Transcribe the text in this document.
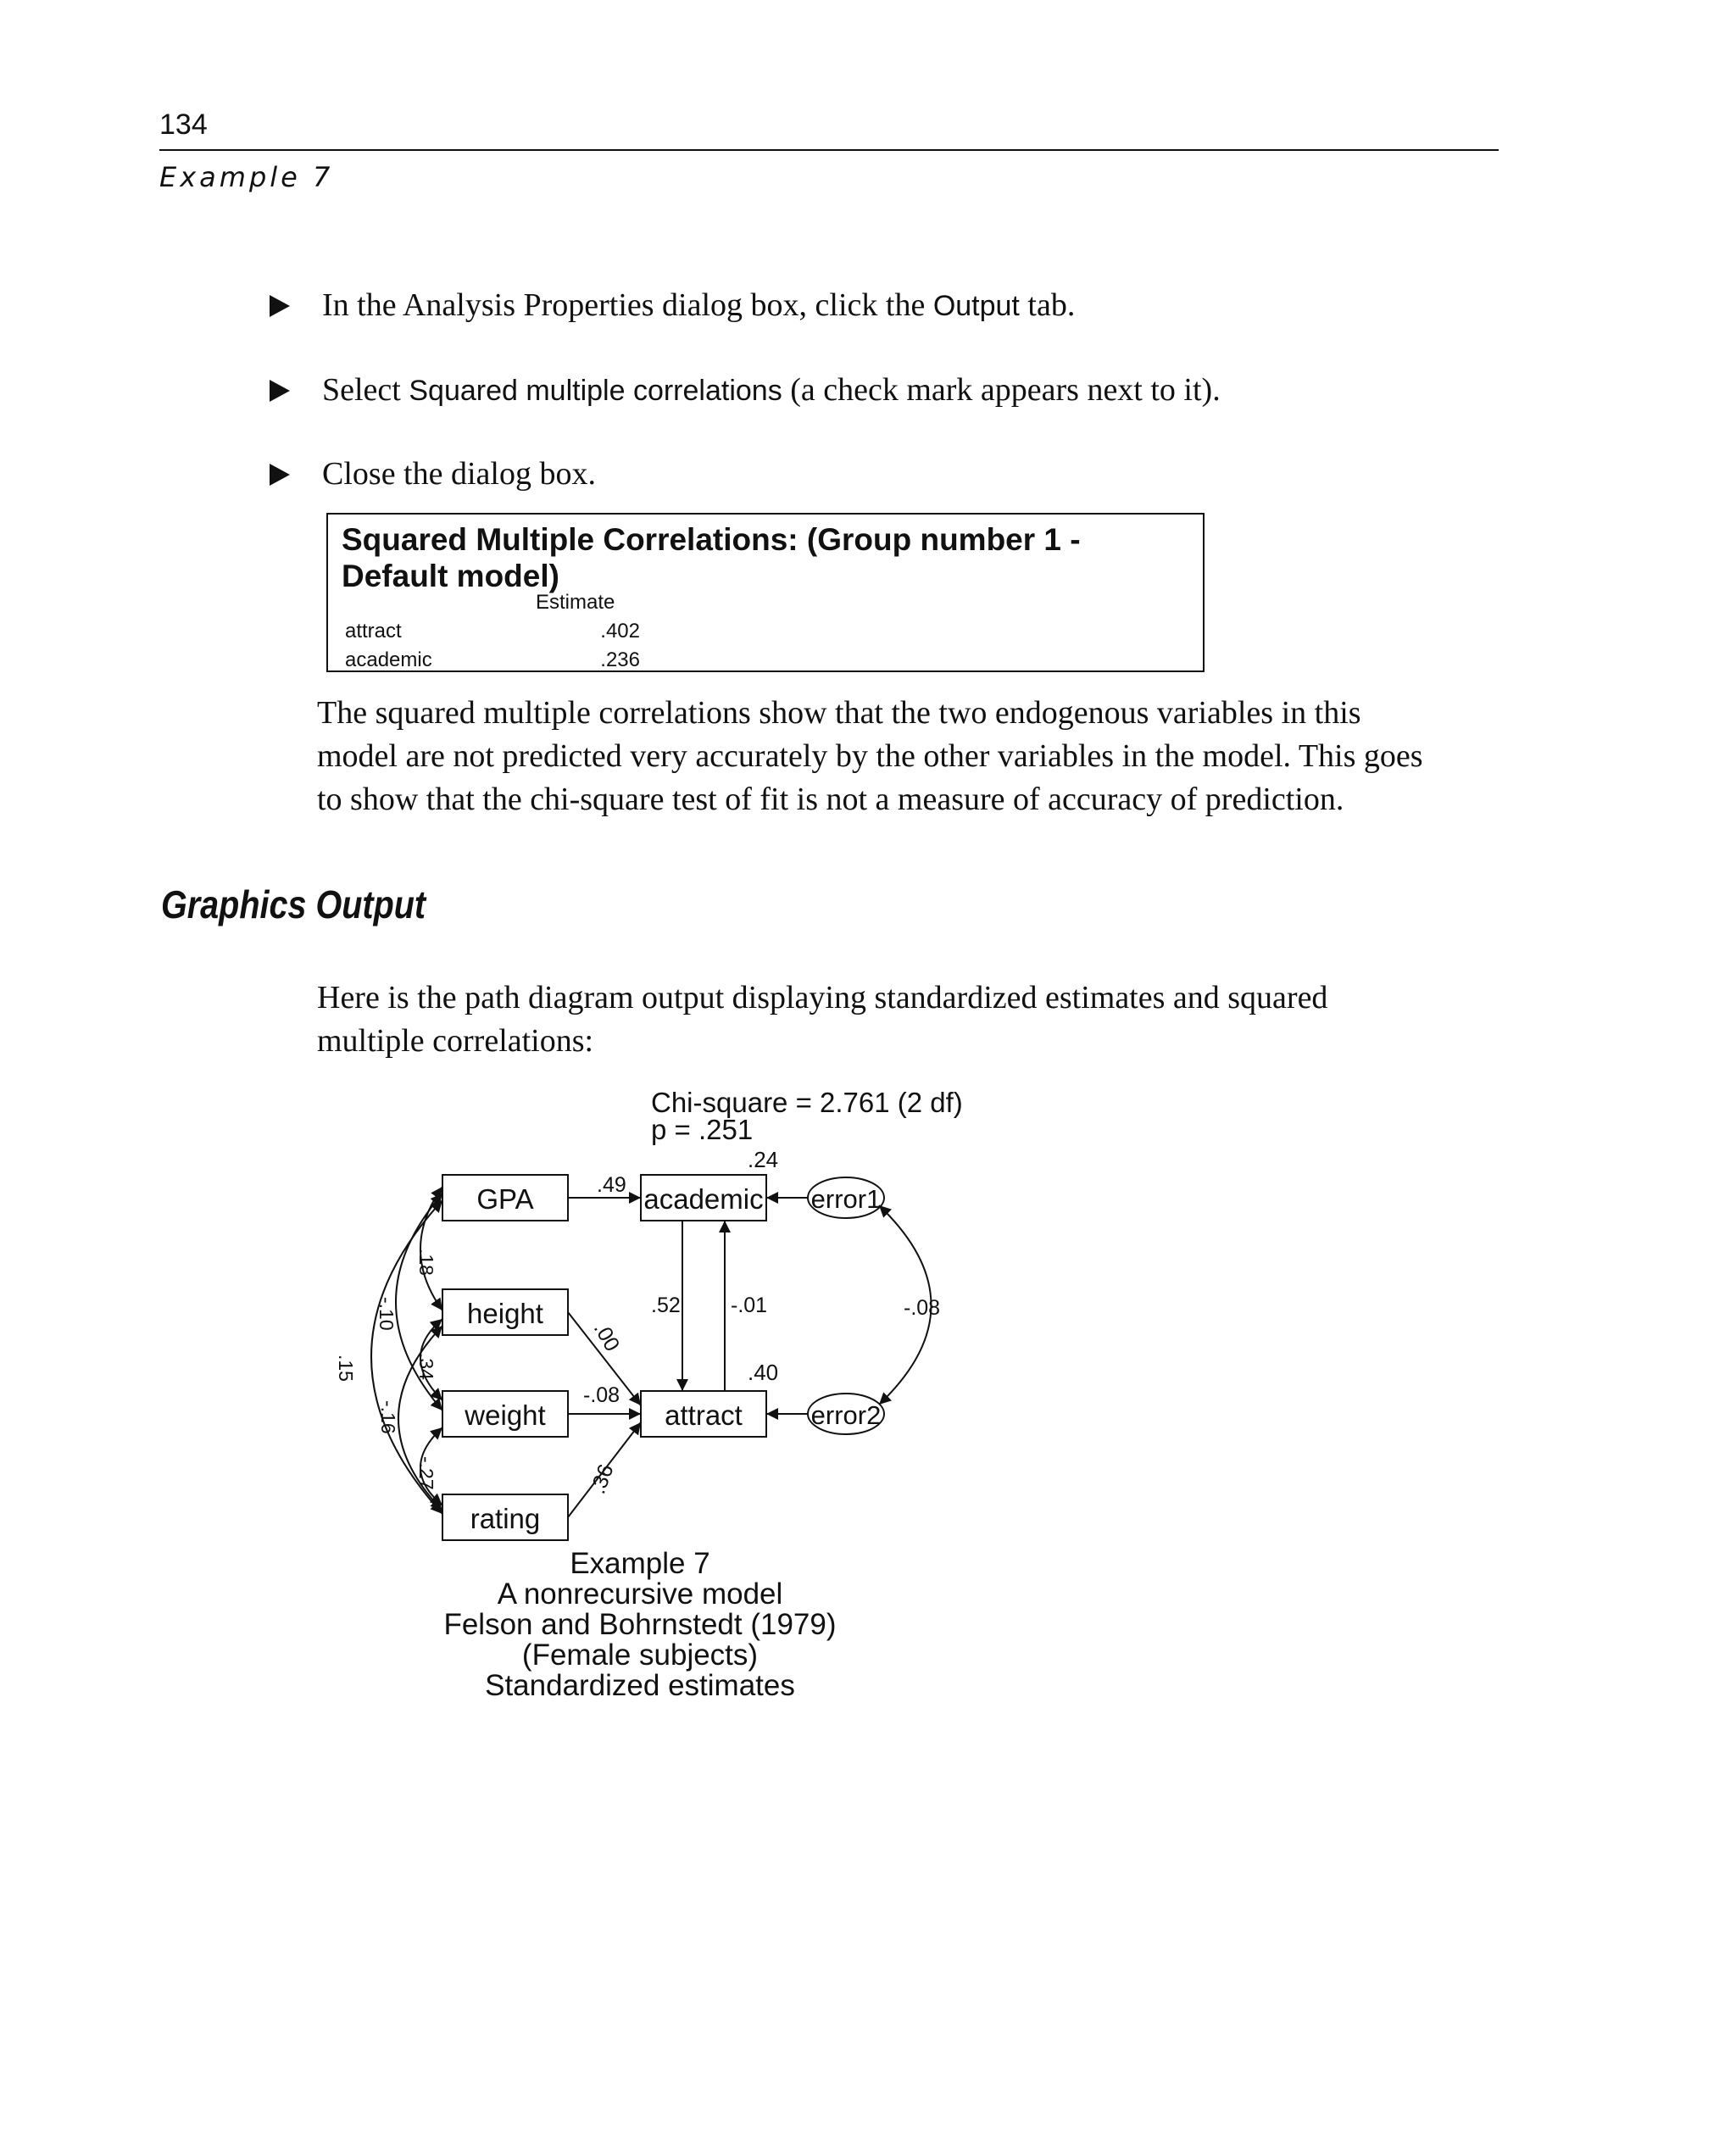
134
Example 7
In the Analysis Properties dialog box, click the Output tab.
Select Squared multiple correlations (a check mark appears next to it).
Close the dialog box.
Squared Multiple Correlations: (Group number 1 -
Default model)
Estimate
attract	.402
academic	.236
The squared multiple correlations show that the two endogenous variables in this
model are not predicted very accurately by the other variables in the model. This goes
to show that the chi-square test of fit is not a measure of accuracy of prediction.
Graphics Output
Here is the path diagram output displaying standardized estimates and squared
multiple correlations:
Chi-square = 2.761 (2 df)
p = .251
GPA
height
weight
rating
academic
attract
error1
error2
.24
.40
.49
.52 -.01
.00
-.08
.36
.18
-.10
.15	.34
-.16
-.27
-.08
Example 7
A nonrecursive model
Felson and Bohrnstedt (1979)
(Female subjects)
Standardized estimates
